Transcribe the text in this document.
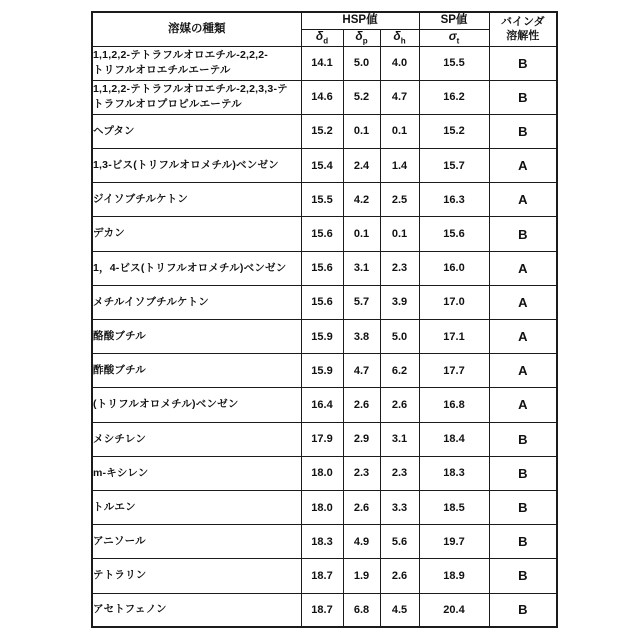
溶媒の種類	HSP値			SP値	バインダ
溶解性
	$\delta_d$	$\delta_p$	$\delta_h$	$\sigma_t$
1,1,2,2-テトラフルオロエチル-2,2,2-
トリフルオロエチルエーテル	14.1	5.0	4.0	15.5	B
1,1,2,2-テトラフルオロエチル-2,2,3,3-テ
トラフルオロプロピルエーテル	14.6	5.2	4.7	16.2	B
ヘプタン	15.2	0.1	0.1	15.2	B
1,3-ビス(トリフルオロメチル)ベンゼン	15.4	2.4	1.4	15.7	A
ジイソブチルケトン	15.5	4.2	2.5	16.3	A
デカン	15.6	0.1	0.1	15.6	B
1，4-ビス(トリフルオロメチル)ベンゼン	15.6	3.1	2.3	16.0	A
メチルイソブチルケトン	15.6	5.7	3.9	17.0	A
酪酸ブチル	15.9	3.8	5.0	17.1	A
酢酸ブチル	15.9	4.7	6.2	17.7	A
(トリフルオロメチル)ベンゼン	16.4	2.6	2.6	16.8	A
メシチレン	17.9	2.9	3.1	18.4	B
m-キシレン	18.0	2.3	2.3	18.3	B
トルエン	18.0	2.6	3.3	18.5	B
アニソール	18.3	4.9	5.6	19.7	B
テトラリン	18.7	1.9	2.6	18.9	B
アセトフェノン	18.7	6.8	4.5	20.4	B
